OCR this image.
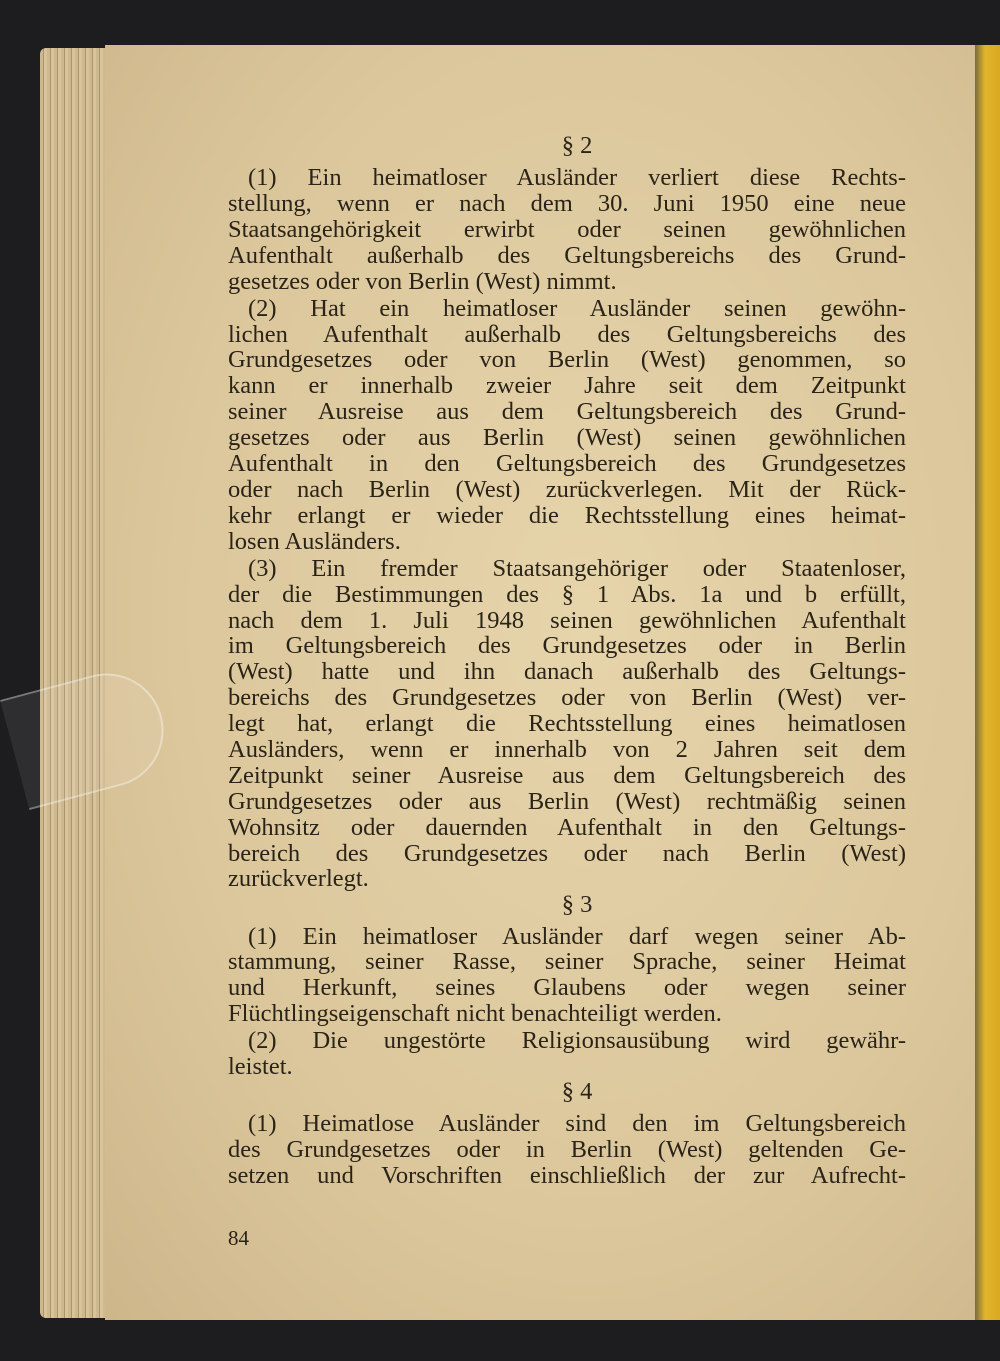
§ 2
(1) Ein heimatloser Ausländer verliert diese Rechts-
stellung, wenn er nach dem 30. Juni 1950 eine neue
Staatsangehörigkeit erwirbt oder seinen gewöhnlichen
Aufenthalt außerhalb des Geltungsbereichs des Grund-
gesetzes oder von Berlin (West) nimmt.
(2) Hat ein heimatloser Ausländer seinen gewöhn-
lichen Aufenthalt außerhalb des Geltungsbereichs des
Grundgesetzes oder von Berlin (West) genommen, so
kann er innerhalb zweier Jahre seit dem Zeitpunkt
seiner Ausreise aus dem Geltungsbereich des Grund-
gesetzes oder aus Berlin (West) seinen gewöhnlichen
Aufenthalt in den Geltungsbereich des Grundgesetzes
oder nach Berlin (West) zurückverlegen. Mit der Rück-
kehr erlangt er wieder die Rechtsstellung eines heimat-
losen Ausländers.
(3) Ein fremder Staatsangehöriger oder Staatenloser,
der die Bestimmungen des § 1 Abs. 1a und b erfüllt,
nach dem 1. Juli 1948 seinen gewöhnlichen Aufenthalt
im Geltungsbereich des Grundgesetzes oder in Berlin
(West) hatte und ihn danach außerhalb des Geltungs-
bereichs des Grundgesetzes oder von Berlin (West) ver-
legt hat, erlangt die Rechtsstellung eines heimatlosen
Ausländers, wenn er innerhalb von 2 Jahren seit dem
Zeitpunkt seiner Ausreise aus dem Geltungsbereich des
Grundgesetzes oder aus Berlin (West) rechtmäßig seinen
Wohnsitz oder dauernden Aufenthalt in den Geltungs-
bereich des Grundgesetzes oder nach Berlin (West)
zurückverlegt.
§ 3
(1) Ein heimatloser Ausländer darf wegen seiner Ab-
stammung, seiner Rasse, seiner Sprache, seiner Heimat
und Herkunft, seines Glaubens oder wegen seiner
Flüchtlingseigenschaft nicht benachteiligt werden.
(2) Die ungestörte Religionsausübung wird gewähr-
leistet.
§ 4
(1) Heimatlose Ausländer sind den im Geltungsbereich
des Grundgesetzes oder in Berlin (West) geltenden Ge-
setzen und Vorschriften einschließlich der zur Aufrecht-
84
